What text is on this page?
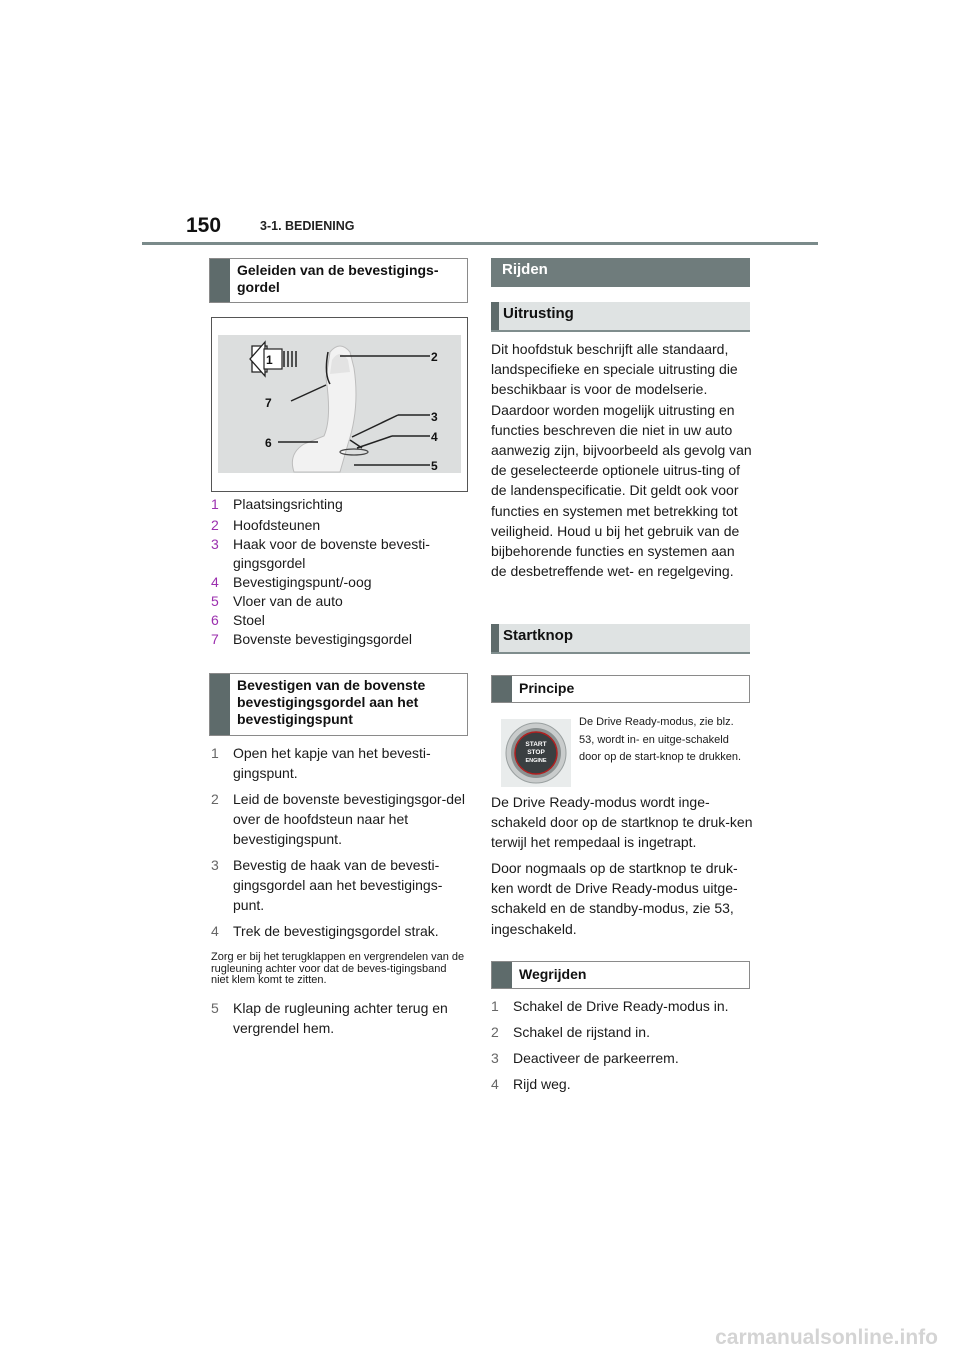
150	3-1. BEDIENING
Geleiden van de bevestigings-gordel
1	2
3
4
5
6
7
1	Plaatsingsrichting
2	Hoofdsteunen
3	Haak voor de bovenste bevesti-gingsgordel
4	Bevestigingspunt/-oog
5	Vloer van de auto
6	Stoel
7	Bovenste bevestigingsgordel
Bevestigen van de bovenste bevestigingsgordel aan het bevestigingspunt
1	Open het kapje van het bevesti-gingspunt.
2	Leid de bovenste bevestigingsgor-del over de hoofdsteun naar het bevestigingspunt.
3	Bevestig de haak van de bevesti-gingsgordel aan het bevestigings-punt.
4	Trek de bevestigingsgordel strak.
Zorg er bij het terugklappen en vergrendelen van de rugleuning achter voor dat de beves-tigingsband niet klem komt te zitten.
5	Klap de rugleuning achter terug en vergrendel hem.
Rijden
Uitrusting
Dit hoofdstuk beschrijft alle standaard, landspecifieke en speciale uitrusting die beschikbaar is voor de modelserie. Daardoor worden mogelijk uitrusting en functies beschreven die niet in uw auto aanwezig zijn, bijvoorbeeld als gevolg van de geselecteerde optionele uitrus-ting of de landenspecificatie. Dit geldt ook voor functies en systemen met betrekking tot veiligheid. Houd u bij het gebruik van de bijbehorende functies en systemen aan de desbetreffende wet- en regelgeving.
Startknop
Principe
START
STOP
ENGINE
De Drive Ready-modus, zie blz. 53, wordt in- en uitge-schakeld door op de start-knop te drukken.
De Drive Ready-modus wordt inge-schakeld door op de startknop te druk-ken terwijl het rempedaal is ingetrapt.
Door nogmaals op de startknop te druk-ken wordt de Drive Ready-modus uitge-schakeld en de standby-modus, zie 53, ingeschakeld.
Wegrijden
1	Schakel de Drive Ready-modus in.
2	Schakel de rijstand in.
3	Deactiveer de parkeerrem.
4	Rijd weg.
carmanualsonline.info
